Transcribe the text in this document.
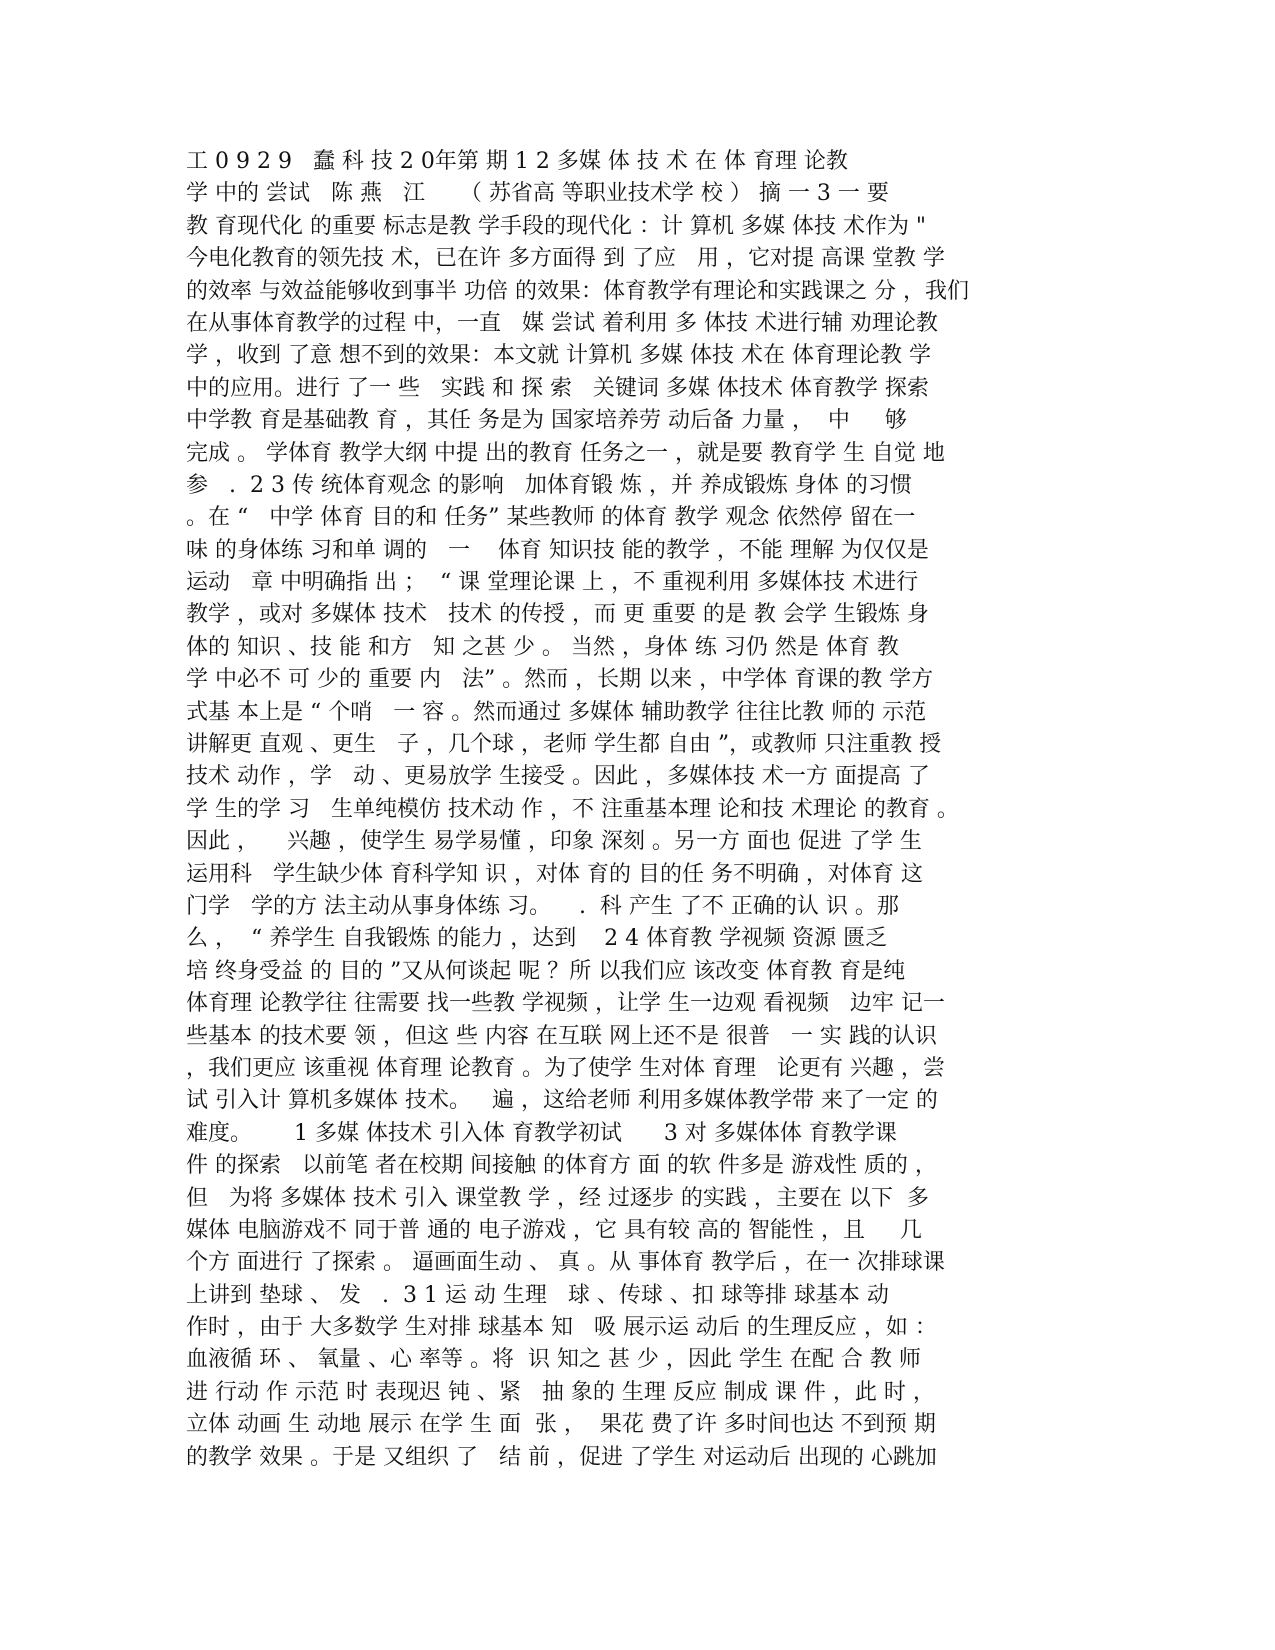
工 0 9 2 9   蠢 科 技 2 0年第 期 1 2 多媒 体 技 术 在 体 育理 论教
学 中的 尝试   陈 燕   江     （ 苏省高 等职业技术学 校 ） 摘 一 3 一 要
教 育现代化 的重要 标志是教 学手段的现代化 ：计 算机 多媒 体技 术作为 "
今电化教育的领先技 术，已在许 多方面得 到 了应   用 ，它对提 高课 堂教 学
的效率 与效益能够收到事半 功倍 的效果：体育教学有理论和实践课之 分 ，我们
在从事体育教学的过程 中，一直   媒 尝试 着利用 多 体技 术进行辅 劝理论教
学 ，收到 了意 想不到的效果：本文就 计算机 多媒 体技 术在 体育理论教 学
中的应用。进行 了一 些   实践 和 探 索   关键词 多媒 体技术 体育教学 探索
中学教 育是基础教 育 ，其任 务是为 国家培养劳 动后备 力量 ，  中     够
完成 。 学体育 教学大纲 中提 出的教育 任务之一 ，就是要 教育学 生 自觉 地
参   .  2 3 传 统体育观念 的影响   加体育锻 炼 ，并 养成锻炼 身体 的习惯
。在 “   中学 体育 目的和 任务” 某些教师 的体育 教学 观念 依然停 留在一
味 的身体练 习和单 调的   一    体育 知识技 能的教学 ，不能 理解 为仅仅是
运动   章 中明确指 出 ；  “ 课 堂理论课 上 ，不 重视利用 多媒体技 术进行
教学 ，或对 多媒体 技术   技术 的传授 ，而 更 重要 的是 教 会学 生锻炼 身
体的 知识 、技 能 和方   知 之甚 少 。 当然 ，身体 练 习仍 然是 体育 教
学 中必不 可 少的 重要 内   法” 。然而 ，长期 以来 ，中学体 育课的教 学方
式基 本上是 “ 个哨   一 容 。然而通过 多媒体 辅助教学 往往比教 师的 示范
讲解更 直观 、更生   子 ，几个球 ，老师 学生都 自由 ”，或教师 只注重教 授
技术 动作 ，学   动 、更易放学 生接受 。因此 ，多媒体技 术一方 面提高 了
学 生的学 习   生单纯模仿 技术动 作 ，不 注重基本理 论和技 术理论 的教育 。
因此 ，    兴趣 ，使学生 易学易懂 ，印象 深刻 。另一方 面也 促进 了学 生
运用科   学生缺少体 育科学知 识 ，对体 育的 目的任 务不明确 ，对体育 这
门学   学的方 法主动从事身体练 习。    .  科 产生 了不 正确的认 识 。那
么 ，  “ 养学生 自我锻炼 的能力 ，达到    2 4 体育教 学视频 资源 匮乏
培 终身受益 的 目的 ”又从何谈起 呢 ？所 以我们应 该改变 体育教 育是纯
体育理 论教学往 往需要 找一些教 学视频 ，让学 生一边观 看视频   边牢 记一
些基本 的技术要 领 ，但这 些 内容 在互联 网上还不是 很普   一 实 践的认识
，我们更应 该重视 体育理 论教育 。为了使学 生对体 育理   论更有 兴趣 ，尝
试 引入计 算机多媒体 技术。   遍 ，这给老师 利用多媒体教学带 来了一定 的
难度。      1 多媒 体技术 引入体 育教学初试      3 对 多媒体体 育教学课
件 的探索   以前笔 者在校期 间接触 的体育方 面 的软 件多是 游戏性 质的 ，
但   为将 多媒体 技术 引入 课堂教 学 ，经 过逐步 的实践 ，主要在 以下  多
媒体 电脑游戏不 同于普 通的 电子游戏 ，它 具有较 高的 智能性 ，且     几
个方 面进行 了探索 。 逼画面生动 、 真 。从 事体育 教学后 ，在一 次排球课
上讲到 垫球 、 发   .  3 1 运 动 生理   球 、传球 、扣 球等排 球基本 动
作时 ，由于 大多数学 生对排 球基本 知   吸 展示运 动后 的生理反应 ，如 ：
血液循 环 、 氧量 、心 率等 。将  识 知之 甚 少 ，因此 学生 在配 合 教 师
进 行动 作 示范 时 表现迟 钝 、紧   抽 象的 生理 反应 制成 课 件 ，此 时 ，
立体 动画 生 动地 展示 在学 生 面  张 ，  果花 费了许 多时间也达 不到预 期
的教学 效果 。于是 又组织 了   结 前 ，促进 了学生 对运动后 出现的 心跳加
